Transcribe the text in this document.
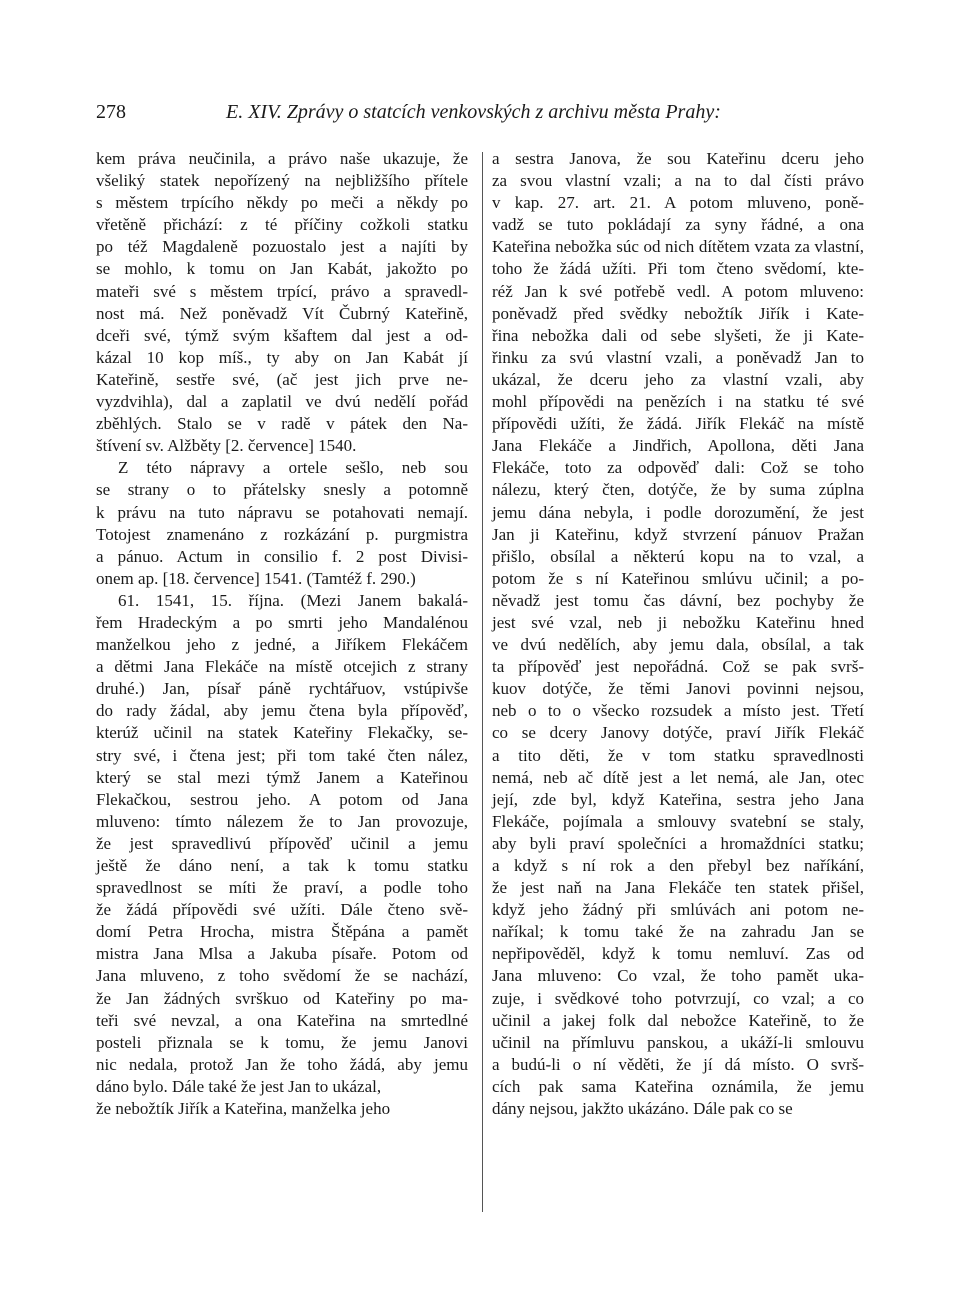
278	E. XIV. Zprávy o statcích venkovských z archivu města Prahy:
kem práva neučinila, a právo naše ukazuje, že
všeliký statek nepořízený na nejbližšího přítele
s městem trpícího někdy po meči a někdy po
vřetěně přichází: z té příčiny cožkoli statku
po též Magdaleně pozuostalo jest a najíti by
se mohlo, k tomu on Jan Kabát, jakožto po
mateři své s městem trpící, právo a spravedl-
nost má. Než poněvadž Vít Čubrný Kateřině,
dceři své, týmž svým kšaftem dal jest a od-
kázal 10 kop míš., ty aby on Jan Kabát jí
Kateřině, sestře své, (ač jest jich prve ne-
vyzdvihla), dal a zaplatil ve dvú nedělí pořád
zběhlých. Stalo se v radě v pátek den Na-
štívení sv. Alžběty [2. července] 1540.
Z této nápravy a ortele sešlo, neb sou
se strany o to přátelsky snesly a potomně
k právu na tuto nápravu se potahovati nemají.
Totojest znamenáno z rozkázání p. purgmistra
a pánuo. Actum in consilio f. 2 post Divisi-
onem ap. [18. července] 1541. (Tamtéž f. 290.)
61. 1541, 15. října. (Mezi Janem bakalá-
řem Hradeckým a po smrti jeho Mandalénou
manželkou jeho z jedné, a Jiříkem Flekáčem
a dětmi Jana Flekáče na místě otcejich z strany
druhé.) Jan, písař páně rychtářuov, vstúpivše
do rady žádal, aby jemu čtena byla přípověď,
kterúž učinil na statek Kateřiny Flekačky, se-
stry své, i čtena jest; při tom také čten nález,
který se stal mezi týmž Janem a Kateřinou
Flekačkou, sestrou jeho. A potom od Jana
mluveno: tímto nálezem že to Jan provozuje,
že jest spravedlivú přípověď učinil a jemu
ještě že dáno není, a tak k tomu statku
spravedlnost se míti že praví, a podle toho
že žádá přípovědi své užíti. Dále čteno svě-
domí Petra Hrocha, mistra Štěpána a pamět
mistra Jana Mlsa a Jakuba písaře. Potom od
Jana mluveno, z toho svědomí že se nachází,
že Jan žádných svrškuo od Kateřiny po ma-
teři své nevzal, a ona Kateřina na smrtedlné
posteli přiznala se k tomu, že jemu Janovi
nic nedala, protož Jan že toho žádá, aby jemu
dáno bylo. Dále také že jest Jan to ukázal,
že nebožtík Jiřík a Kateřina, manželka jeho
a sestra Janova, že sou Kateřinu dceru jeho
za svou vlastní vzali; a na to dal čísti právo
v kap. 27. art. 21. A potom mluveno, poně-
vadž se tuto pokládají za syny řádné, a ona
Kateřina nebožka súc od nich dítětem vzata za vlastní,
toho že žádá užíti. Při tom čteno svědomí, kte-
réž Jan k své potřebě vedl. A potom mluveno:
poněvadž před svědky nebožtík Jiřík i Kate-
řina nebožka dali od sebe slyšeti, že ji Kate-
řinku za svú vlastní vzali, a poněvadž Jan to
ukázal, že dceru jeho za vlastní vzali, aby
mohl přípovědi na penězích i na statku té své
přípovědi užíti, že žádá. Jiřík Flekáč na místě
Jana Flekáče a Jindřich, Apollona, děti Jana
Flekáče, toto za odpověď dali: Což se toho
nálezu, který čten, dotýče, že by suma zúplna
jemu dána nebyla, i podle dorozumění, že jest
Jan ji Kateřinu, když stvrzení pánuov Pražan
přišlo, obsílal a některú kopu na to vzal, a
potom že s ní Kateřinou smlúvu učinil; a po-
něvadž jest tomu čas dávní, bez pochyby že
jest své vzal, neb ji nebožku Kateřinu hned
ve dvú nedělích, aby jemu dala, obsílal, a tak
ta přípověď jest nepořádná. Což se pak svrš-
kuov dotýče, že těmi Janovi povinni nejsou,
neb o to o všecko rozsudek a místo jest. Třetí
co se dcery Janovy dotýče, praví Jiřík Flekáč
a tito děti, že v tom statku spravedlnosti
nemá, neb ač dítě jest a let nemá, ale Jan, otec
její, zde byl, když Kateřina, sestra jeho Jana
Flekáče, pojímala a smlouvy svatební se staly,
aby byli praví společníci a hromaždníci statku;
a když s ní rok a den přebyl bez naříkání,
že jest naň na Jana Flekáče ten statek přišel,
když jeho žádný při smlúvách ani potom ne-
naříkal; k tomu také že na zahradu Jan se
nepřipověděl, když k tomu nemluví. Zas od
Jana mluveno: Co vzal, že toho pamět uka-
zuje, i svědkové toho potvrzují, co vzal; a co
učinil a jakej folk dal nebožce Kateřině, to že
učinil na přímluvu panskou, a ukáží-li smlouvu
a budú-li o ní věděti, že jí dá místo. O svrš-
cích pak sama Kateřina oznámila, že jemu
dány nejsou, jakžto ukázáno. Dále pak co se
